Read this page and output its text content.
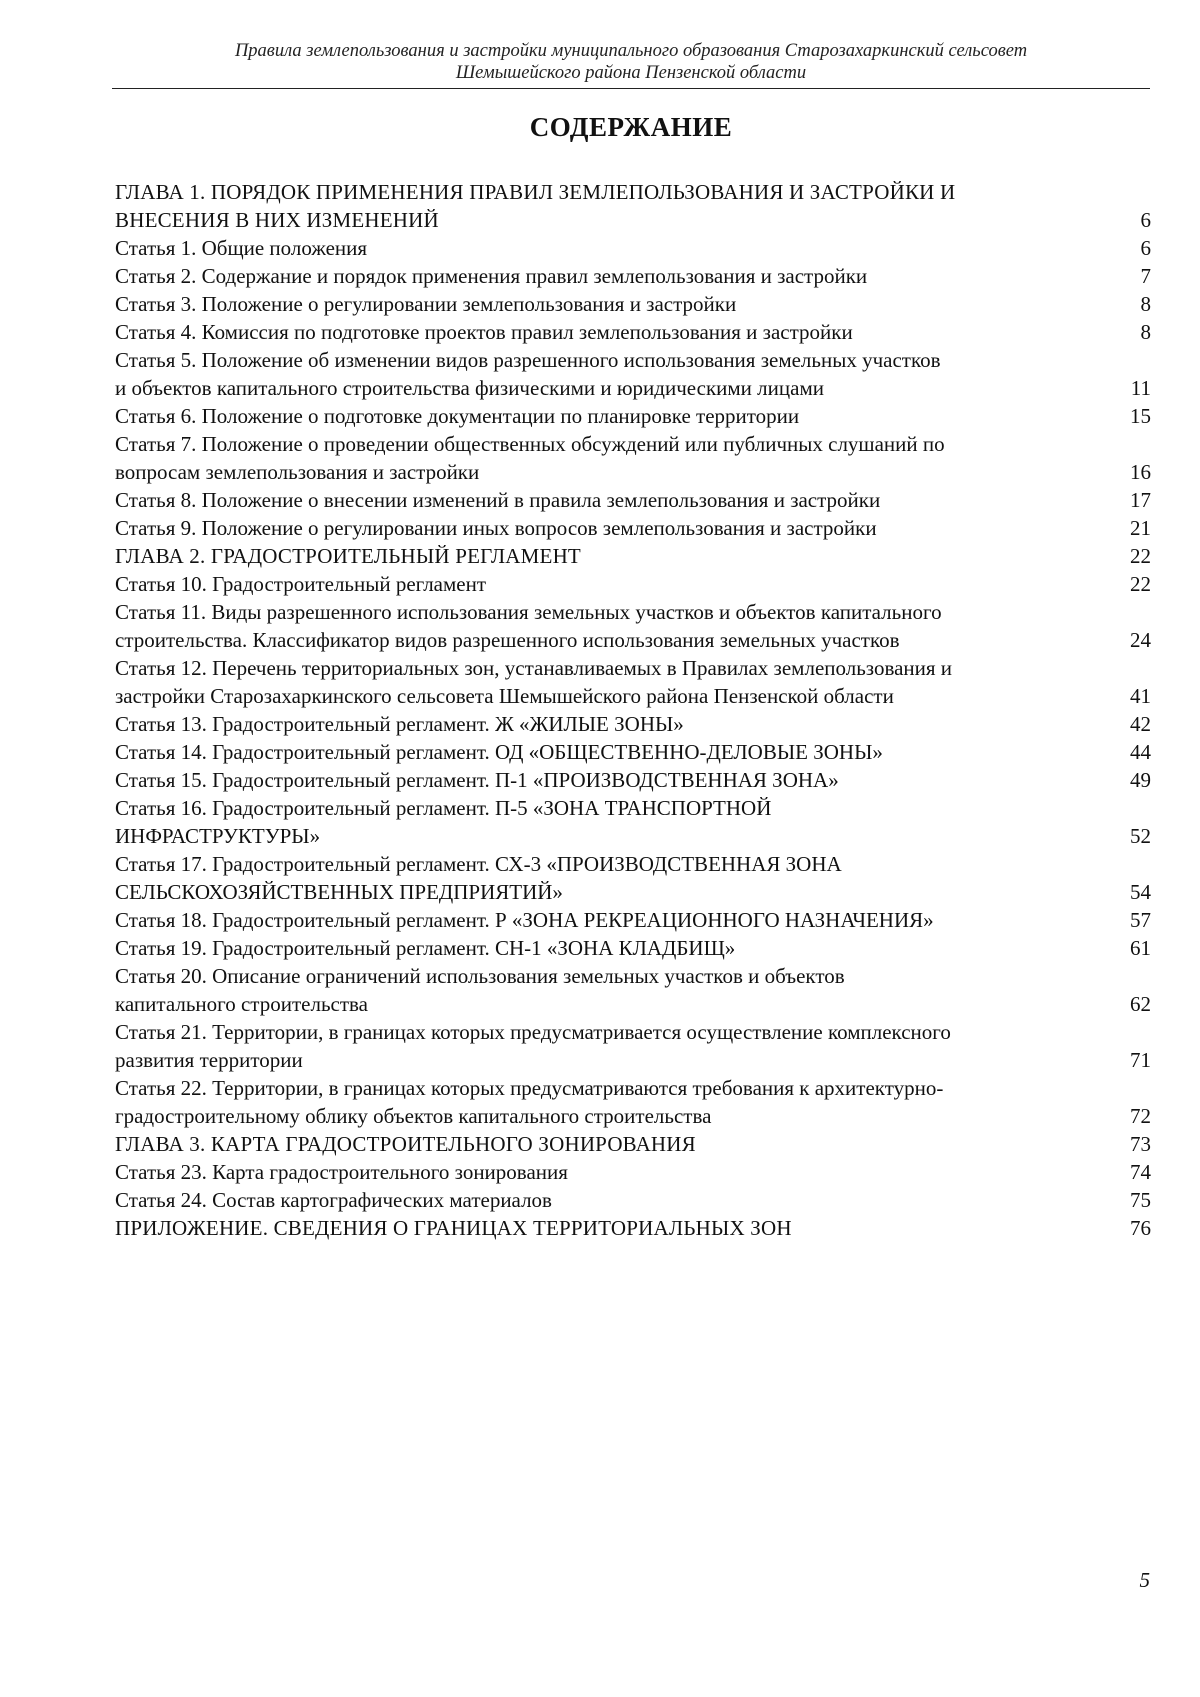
Правила землепользования и застройки муниципального образования Старозахаркинский сельсовет
Шемышейского района Пензенской области
СОДЕРЖАНИЕ
ГЛАВА 1. ПОРЯДОК ПРИМЕНЕНИЯ ПРАВИЛ ЗЕМЛЕПОЛЬЗОВАНИЯ И ЗАСТРОЙКИ И
ВНЕСЕНИЯ В НИХ ИЗМЕНЕНИЙ	6
Статья 1. Общие положения	6
Статья 2. Содержание и порядок применения правил землепользования и застройки	7
Статья 3. Положение о регулировании землепользования и застройки	8
Статья 4. Комиссия по подготовке проектов правил землепользования и застройки	8
Статья 5. Положение об изменении видов разрешенного использования земельных участков
и объектов капитального строительства физическими и юридическими лицами	11
Статья 6. Положение о подготовке документации по планировке территории	15
Статья 7. Положение о проведении общественных обсуждений или публичных слушаний по
вопросам землепользования и застройки	16
Статья 8. Положение о внесении изменений в правила землепользования и застройки	17
Статья 9. Положение о регулировании иных вопросов землепользования и застройки	21
ГЛАВА 2. ГРАДОСТРОИТЕЛЬНЫЙ РЕГЛАМЕНТ	22
Статья 10. Градостроительный регламент	22
Статья 11. Виды разрешенного использования земельных участков и объектов капитального
строительства. Классификатор видов разрешенного использования земельных участков	24
Статья 12. Перечень территориальных зон, устанавливаемых в Правилах землепользования и
застройки Старозахаркинского сельсовета Шемышейского района Пензенской области	41
Статья 13. Градостроительный регламент. Ж «ЖИЛЫЕ ЗОНЫ»	42
Статья 14. Градостроительный регламент. ОД «ОБЩЕСТВЕННО-ДЕЛОВЫЕ ЗОНЫ»	44
Статья 15. Градостроительный регламент. П-1 «ПРОИЗВОДСТВЕННАЯ ЗОНА»	49
Статья 16. Градостроительный регламент. П-5 «ЗОНА ТРАНСПОРТНОЙ
ИНФРАСТРУКТУРЫ»	52
Статья 17. Градостроительный регламент. СХ-3 «ПРОИЗВОДСТВЕННАЯ ЗОНА
СЕЛЬСКОХОЗЯЙСТВЕННЫХ ПРЕДПРИЯТИЙ»	54
Статья 18. Градостроительный регламент. Р «ЗОНА РЕКРЕАЦИОННОГО НАЗНАЧЕНИЯ»	57
Статья 19. Градостроительный регламент. СН-1 «ЗОНА КЛАДБИЩ»	61
Статья 20. Описание ограничений использования земельных участков и объектов
капитального строительства	62
Статья 21. Территории, в границах которых предусматривается осуществление комплексного
развития территории	71
Статья 22. Территории, в границах которых предусматриваются требования к архитектурно-
градостроительному облику объектов капитального строительства	72
ГЛАВА 3. КАРТА ГРАДОСТРОИТЕЛЬНОГО ЗОНИРОВАНИЯ	73
Статья 23. Карта градостроительного зонирования	74
Статья 24. Состав картографических материалов	75
ПРИЛОЖЕНИЕ. СВЕДЕНИЯ О ГРАНИЦАХ ТЕРРИТОРИАЛЬНЫХ ЗОН	76
5
